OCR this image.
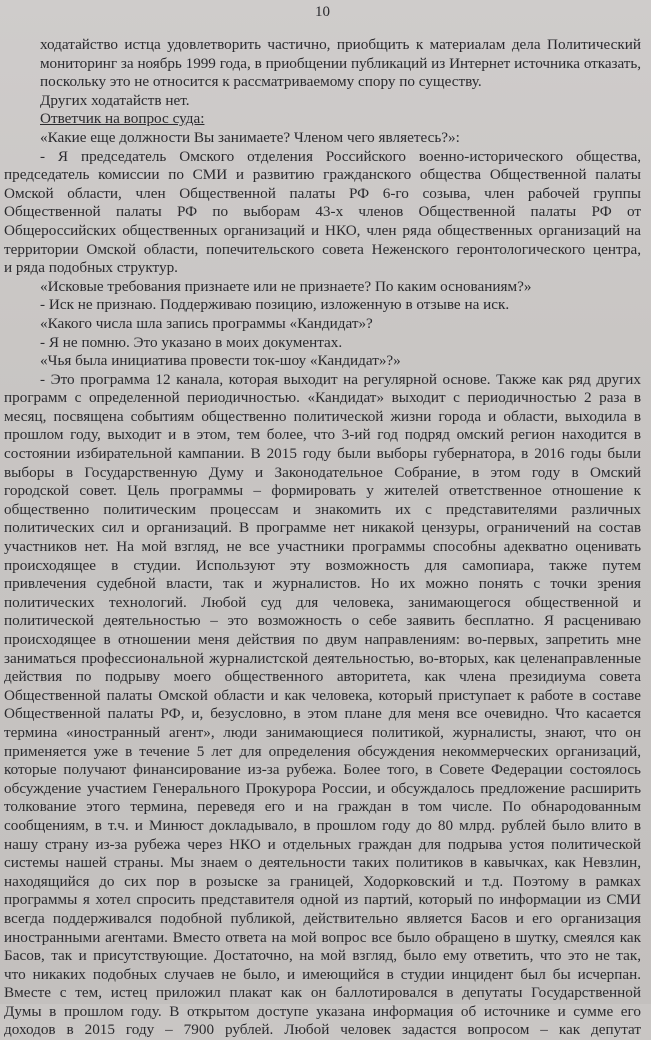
10
ходатайство истца удовлетворить частично, приобщить к материалам дела Политический
мониторинг за ноябрь 1999 года, в приобщении публикаций из Интернет источника отказать,
поскольку это не относится к рассматриваемому спору по существу.
Других ходатайств нет.
Ответчик на вопрос суда:
«Какие еще должности Вы занимаете? Членом чего являетесь?»:
- Я председатель Омского отделения Российского военно-исторического общества,
председатель комиссии по СМИ и развитию гражданского общества Общественной палаты
Омской области, член Общественной палаты РФ 6-го созыва, член рабочей группы
Общественной палаты РФ по выборам 43-х членов Общественной палаты РФ от
Общероссийских общественных организаций и НКО, член ряда общественных организаций на
территории Омской области, попечительского совета Неженского геронтологического центра,
и ряда подобных структур.
«Исковые требования признаете или не признаете? По каким основаниям?»
- Иск не признаю. Поддерживаю позицию, изложенную в отзыве на иск.
«Какого числа шла запись программы «Кандидат»?
- Я не помню. Это указано в моих документах.
«Чья была инициатива провести ток-шоу «Кандидат»?»
- Это программа 12 канала, которая выходит на регулярной основе. Также как ряд других
программ с определенной периодичностью. «Кандидат» выходит с периодичностью 2 раза в
месяц, посвящена событиям общественно политической жизни города и области, выходила в
прошлом году, выходит и в этом, тем более, что 3-ий год подряд омский регион находится в
состоянии избирательной кампании. В 2015 году были выборы губернатора, в 2016 годы были
выборы в Государственную Думу и Законодательное Собрание, в этом году в Омский
городской совет. Цель программы – формировать у жителей ответственное отношение к
общественно политическим процессам и знакомить их с представителями различных
политических сил и организаций. В программе нет никакой цензуры, ограничений на состав
участников нет. На мой взгляд, не все участники программы способны адекватно оценивать
происходящее в студии. Используют эту возможность для самопиара, также путем
привлечения судебной власти, так и журналистов. Но их можно понять с точки зрения
политических технологий. Любой суд для человека, занимающегося общественной и
политической деятельностью – это возможность о себе заявить бесплатно. Я расцениваю
происходящее в отношении меня действия по двум направлениям: во-первых, запретить мне
заниматься профессиональной журналистской деятельностью, во-вторых, как целенаправленные
действия по подрыву моего общественного авторитета, как члена президиума совета
Общественной палаты Омской области и как человека, который приступает к работе в составе
Общественной палаты РФ, и, безусловно, в этом плане для меня все очевидно. Что касается
термина «иностранный агент», люди занимающиеся политикой, журналисты, знают, что он
применяется уже в течение 5 лет для определения обсуждения некоммерческих организаций,
которые получают финансирование из-за рубежа. Более того, в Совете Федерации состоялось
обсуждение участием Генерального Прокурора России, и обсуждалось предложение расширить
толкование этого термина, переведя его и на граждан в том числе. По обнародованным
сообщениям, в т.ч. и Минюст докладывало, в прошлом году до 80 млрд. рублей было влито в
нашу страну из-за рубежа через НКО и отдельных граждан для подрыва устоя политической
системы нашей страны. Мы знаем о деятельности таких политиков в кавычках, как Невзлин,
находящийся до сих пор в розыске за границей, Ходорковский и т.д. Поэтому в рамках
программы я хотел спросить представителя одной из партий, который по информации из СМИ
всегда поддерживался подобной публикой, действительно является Басов и его организация
иностранными агентами. Вместо ответа на мой вопрос все было обращено в шутку, смеялся как
Басов, так и присутствующие. Достаточно, на мой взгляд, было ему ответить, что это не так,
что никаких подобных случаев не было, и имеющийся в студии инцидент был бы исчерпан.
Вместе с тем, истец приложил плакат как он баллотировался в депутаты Государственной
Думы в прошлом году. В открытом доступе указана информация об источнике и сумме его
доходов в 2015 году – 7900 рублей. Любой человек задастся вопросом – как депутат
